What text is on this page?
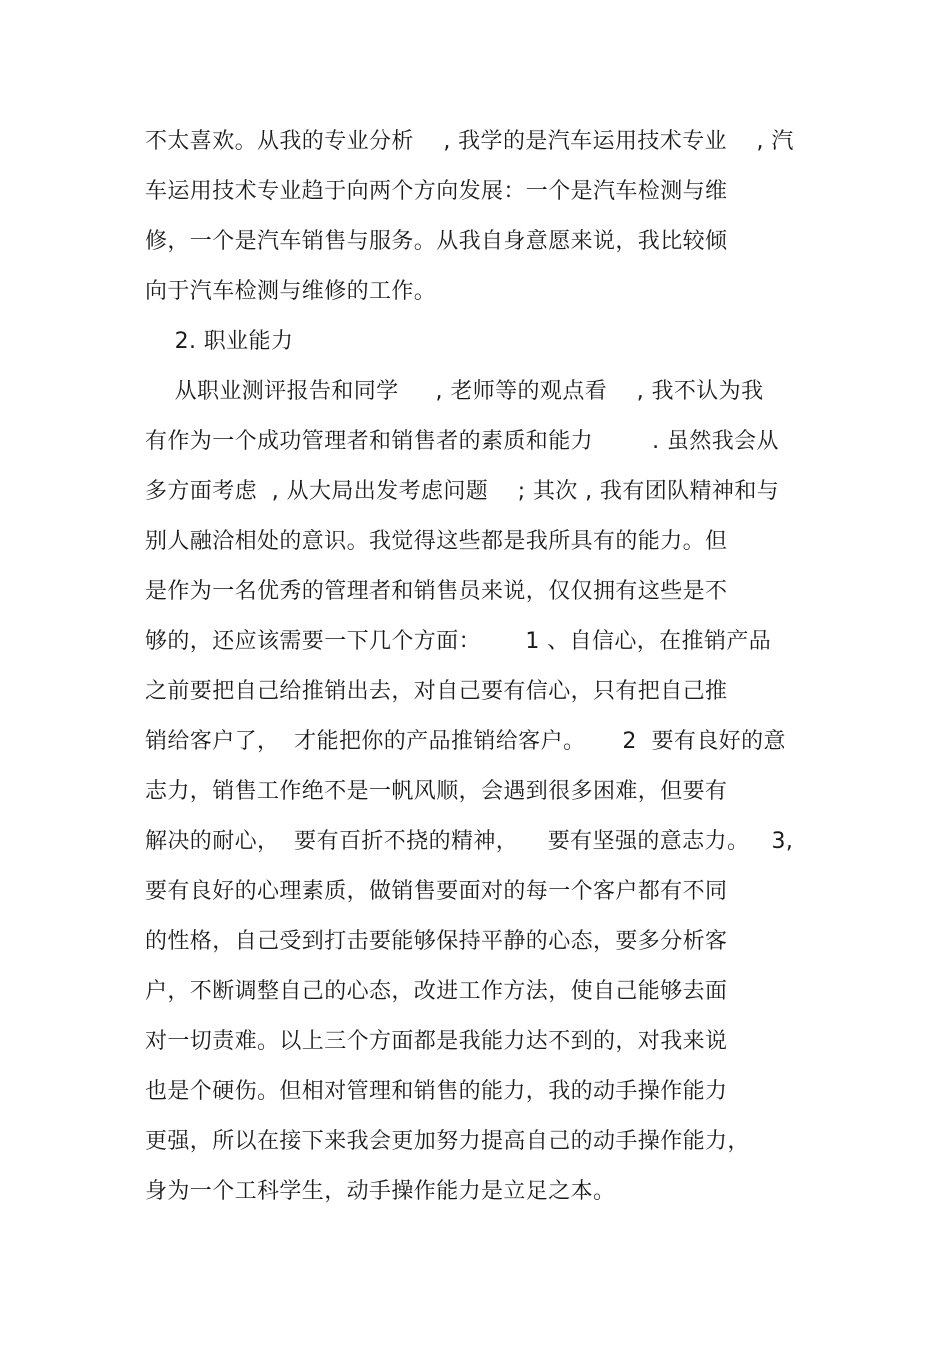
不太喜欢。从我的专业分析    , 我学的是汽车运用技术专业    , 汽
车运用技术专业趋于向两个方向发展：一个是汽车检测与维
修，一个是汽车销售与服务。从我自身意愿来说，我比较倾
向于汽车检测与维修的工作。
2. 职业能力
从职业测评报告和同学     , 老师等的观点看    , 我不认为我
有作为一个成功管理者和销售者的素质和能力        . 虽然我会从
多方面考虑  , 从大局出发考虑问题    ; 其次 , 我有团队精神和与
别人融洽相处的意识。我觉得这些都是我所具有的能力。但
是作为一名优秀的管理者和销售员来说，仅仅拥有这些是不
够的，还应该需要一下几个方面：      1 、自信心，在推销产品
之前要把自己给推销出去，对自己要有信心，只有把自己推
销给客户了，  才能把你的产品推销给客户。     2  要有良好的意
志力，销售工作绝不是一帆风顺，会遇到很多困难，但要有
解决的耐心，  要有百折不挠的精神，    要有坚强的意志力。   3,
要有良好的心理素质，做销售要面对的每一个客户都有不同
的性格，自己受到打击要能够保持平静的心态，要多分析客
户，不断调整自己的心态，改进工作方法，使自己能够去面
对一切责难。以上三个方面都是我能力达不到的，对我来说
也是个硬伤。但相对管理和销售的能力，我的动手操作能力
更强，所以在接下来我会更加努力提高自己的动手操作能力，
身为一个工科学生，动手操作能力是立足之本。
